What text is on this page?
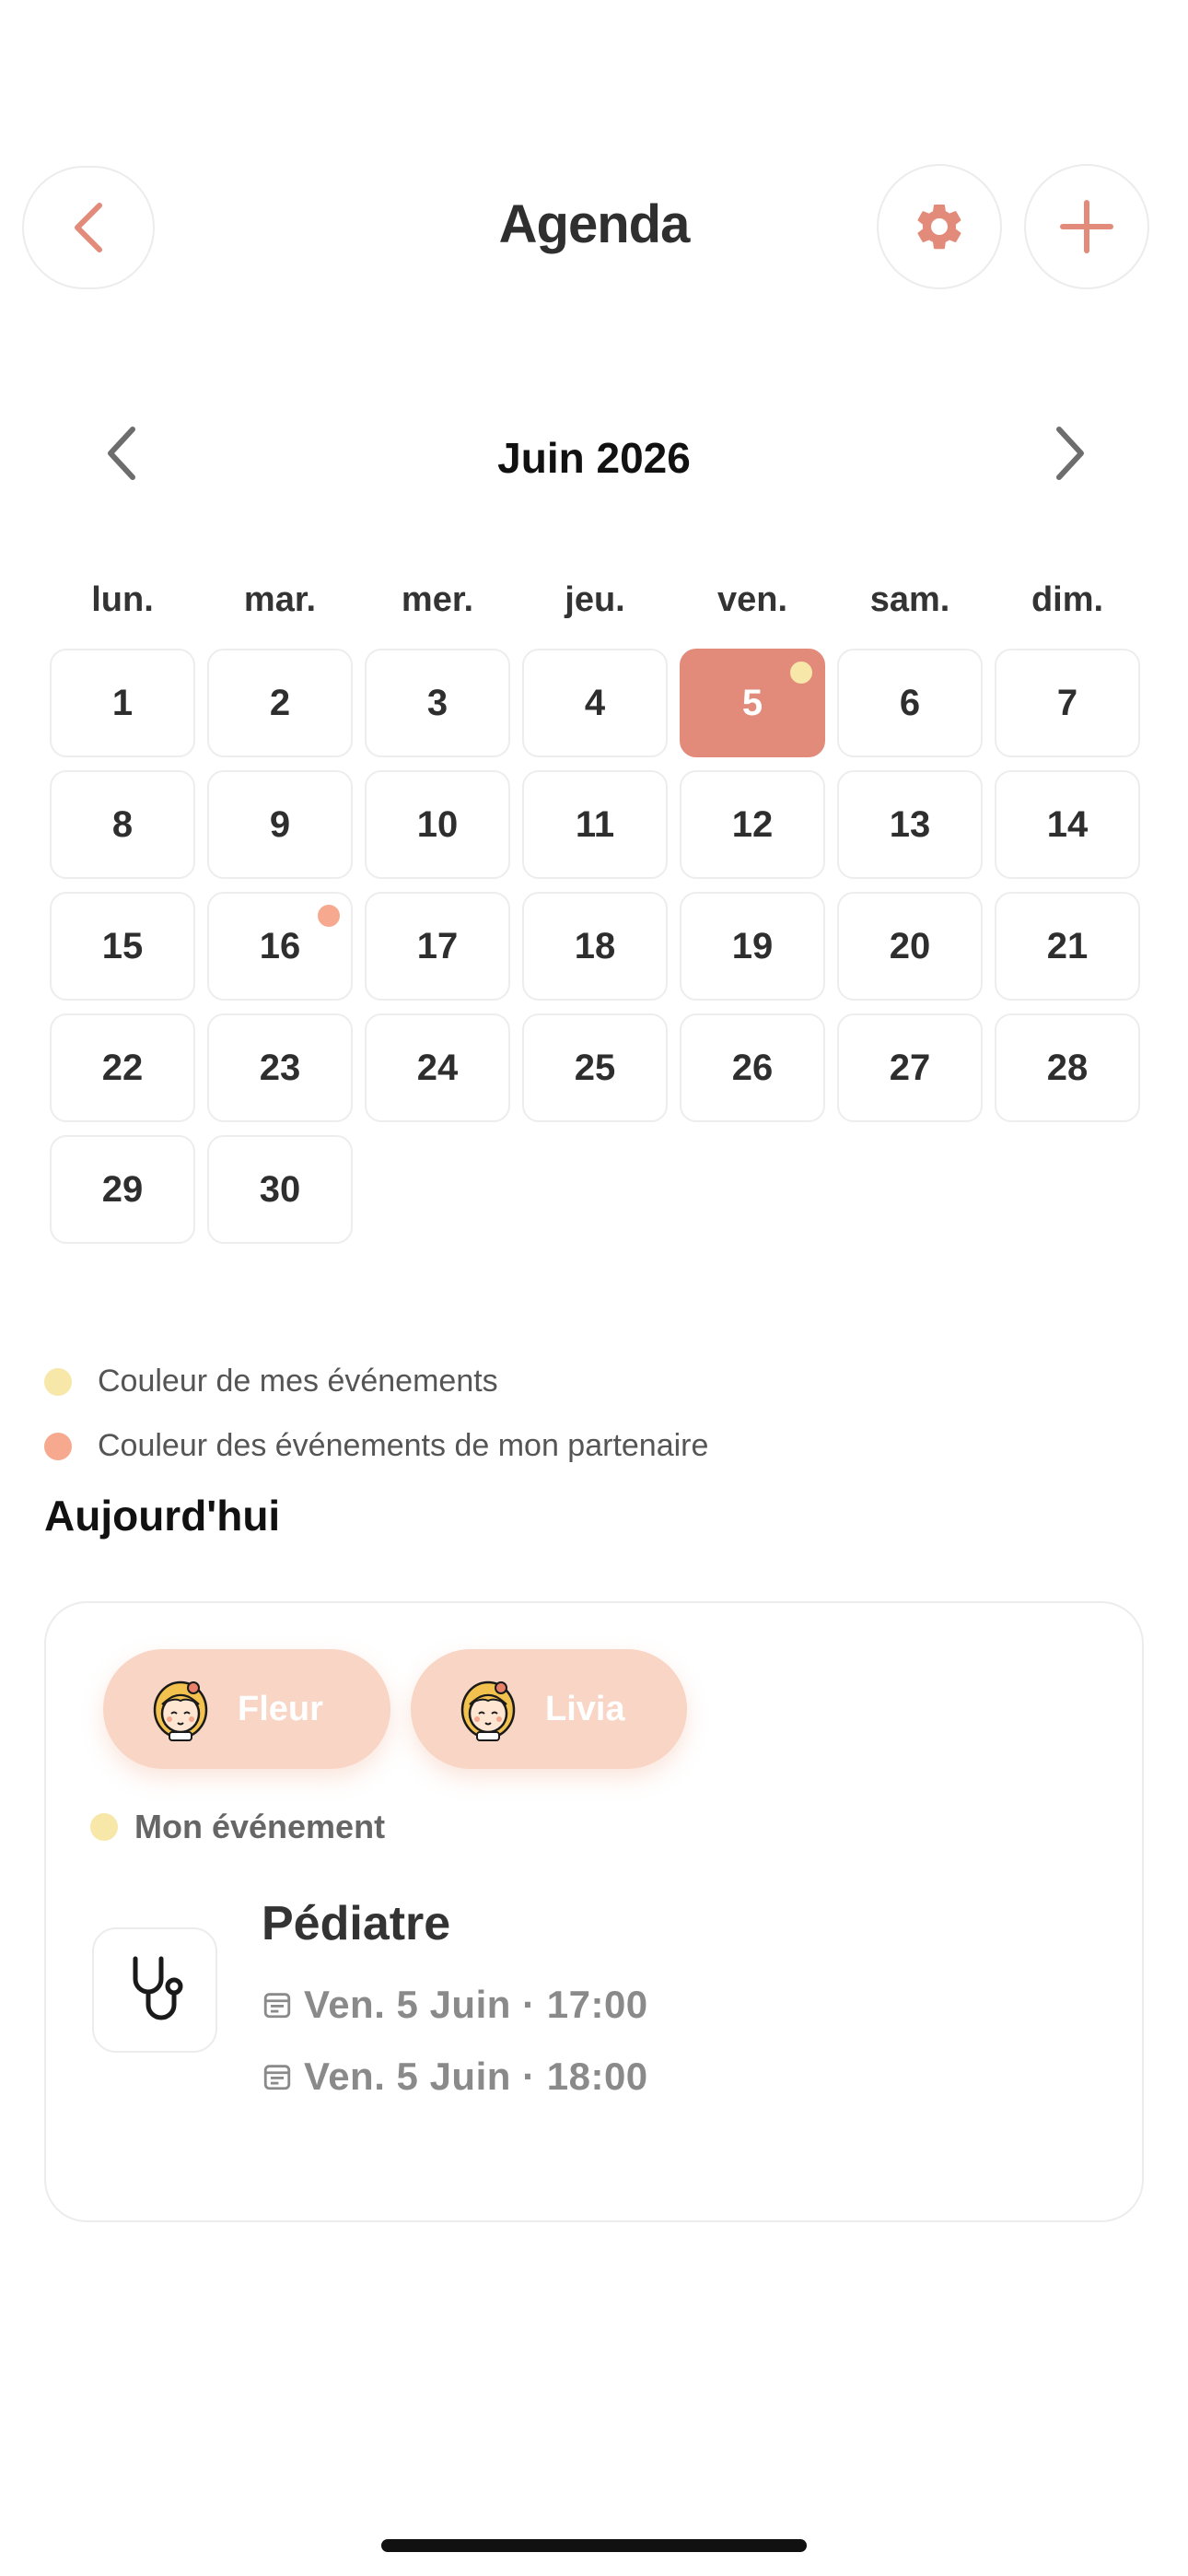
Agenda
Juin 2026
lun.	mar.	mer.	jeu.	ven.	sam.	dim.
1	2	3	4	5	6	7
8	9	10	11	12	13	14
15	16	17	18	19	20	21
22	23	24	25	26	27	28
29	30
Couleur de mes événements
Couleur des événements de mon partenaire
Aujourd'hui
Fleur	Livia
Mon événement
Pédiatre
Ven. 5 Juin · 17:00
Ven. 5 Juin · 18:00
